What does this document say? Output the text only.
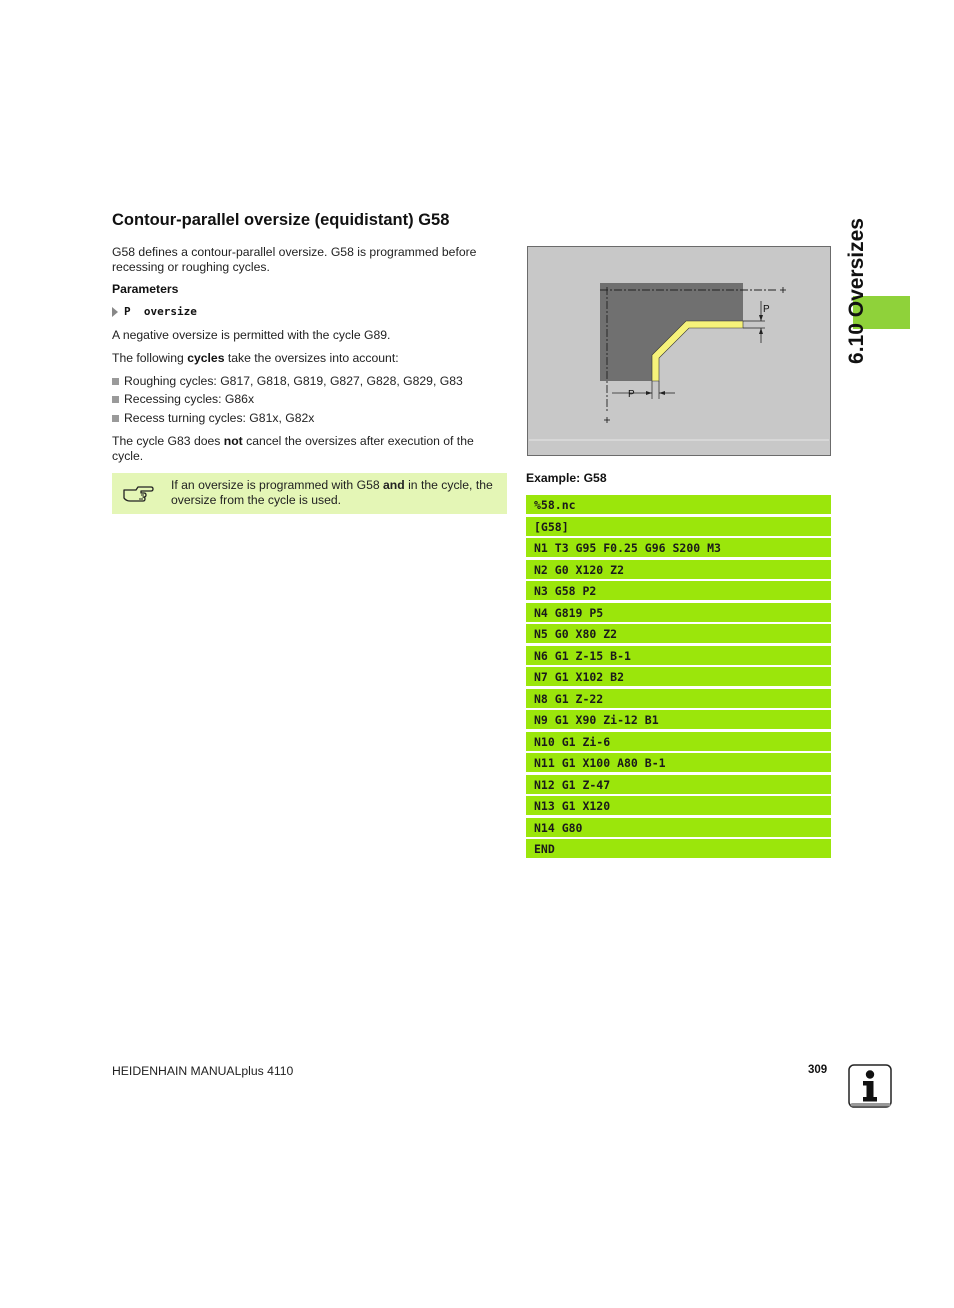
Contour-parallel oversize (equidistant) G58	6.10 Oversizes
G58 defines a contour-parallel oversize. G58 is programmed before recessing or roughing cycles.
Parameters
P  oversize
A negative oversize is permitted with the cycle G89.
The following cycles take the oversizes into account:
Roughing cycles: G817, G818, G819, G827, G828, G829, G83
Recessing cycles: G86x
Recess turning cycles: G81x, G82x
The cycle G83 does not cancel the oversizes after execution of the cycle.
If an oversize is programmed with G58 and in the cycle, the oversize from the cycle is used.
P
P
Example: G58
%58.nc
[G58]
N1 T3 G95 F0.25 G96 S200 M3
N2 G0 X120 Z2
N3 G58 P2
N4 G819 P5
N5 G0 X80 Z2
N6 G1 Z-15 B-1
N7 G1 X102 B2
N8 G1 Z-22
N9 G1 X90 Zi-12 B1
N10 G1 Zi-6
N11 G1 X100 A80 B-1
N12 G1 Z-47
N13 G1 X120
N14 G80
END
HEIDENHAIN MANUALplus 4110	309
